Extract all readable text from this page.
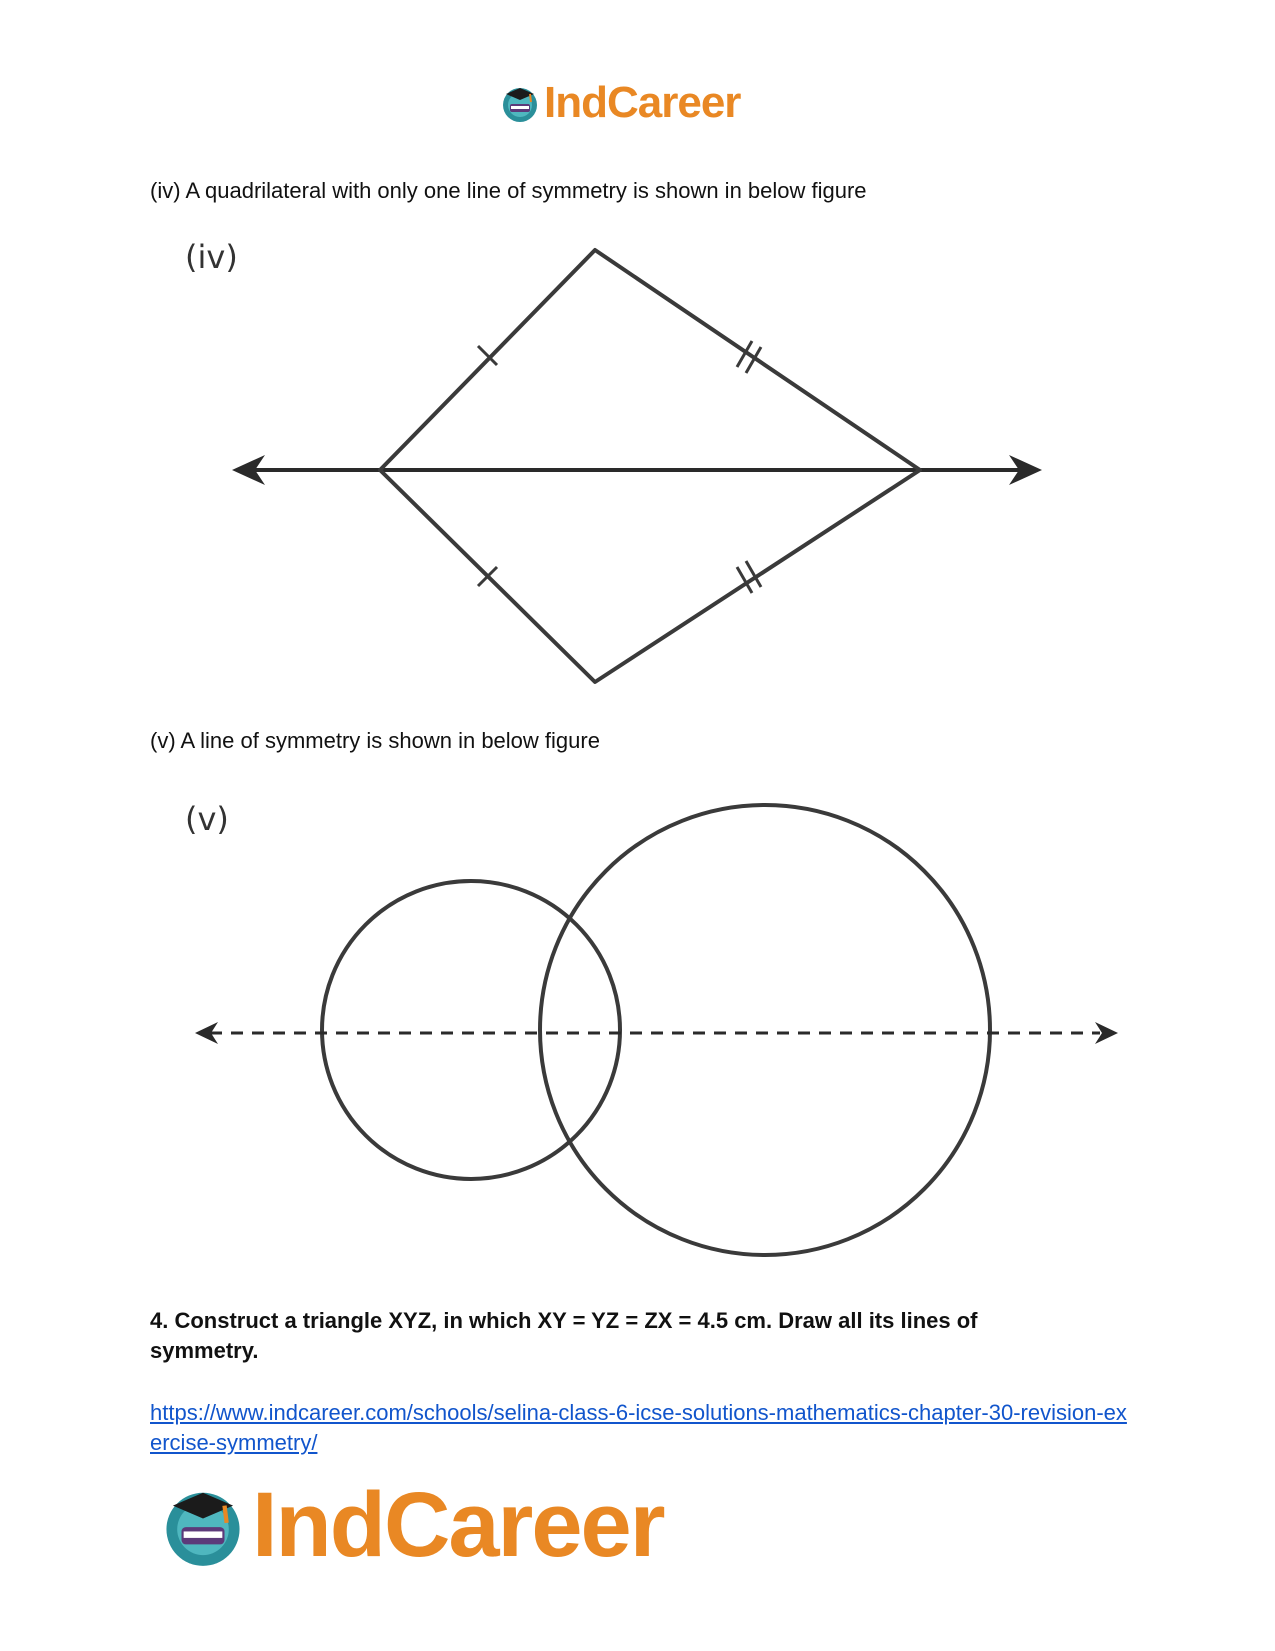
IndCareer

(iv) A quadrilateral with only one line of symmetry is shown in below figure

(iv)

(v) A line of symmetry is shown in below figure

(v)

4. Construct a triangle XYZ, in which XY = YZ = ZX = 4.5 cm. Draw all its lines of symmetry.

https://www.indcareer.com/schools/selina-class-6-icse-solutions-mathematics-chapter-30-revision-exercise-symmetry/
IndCareer
